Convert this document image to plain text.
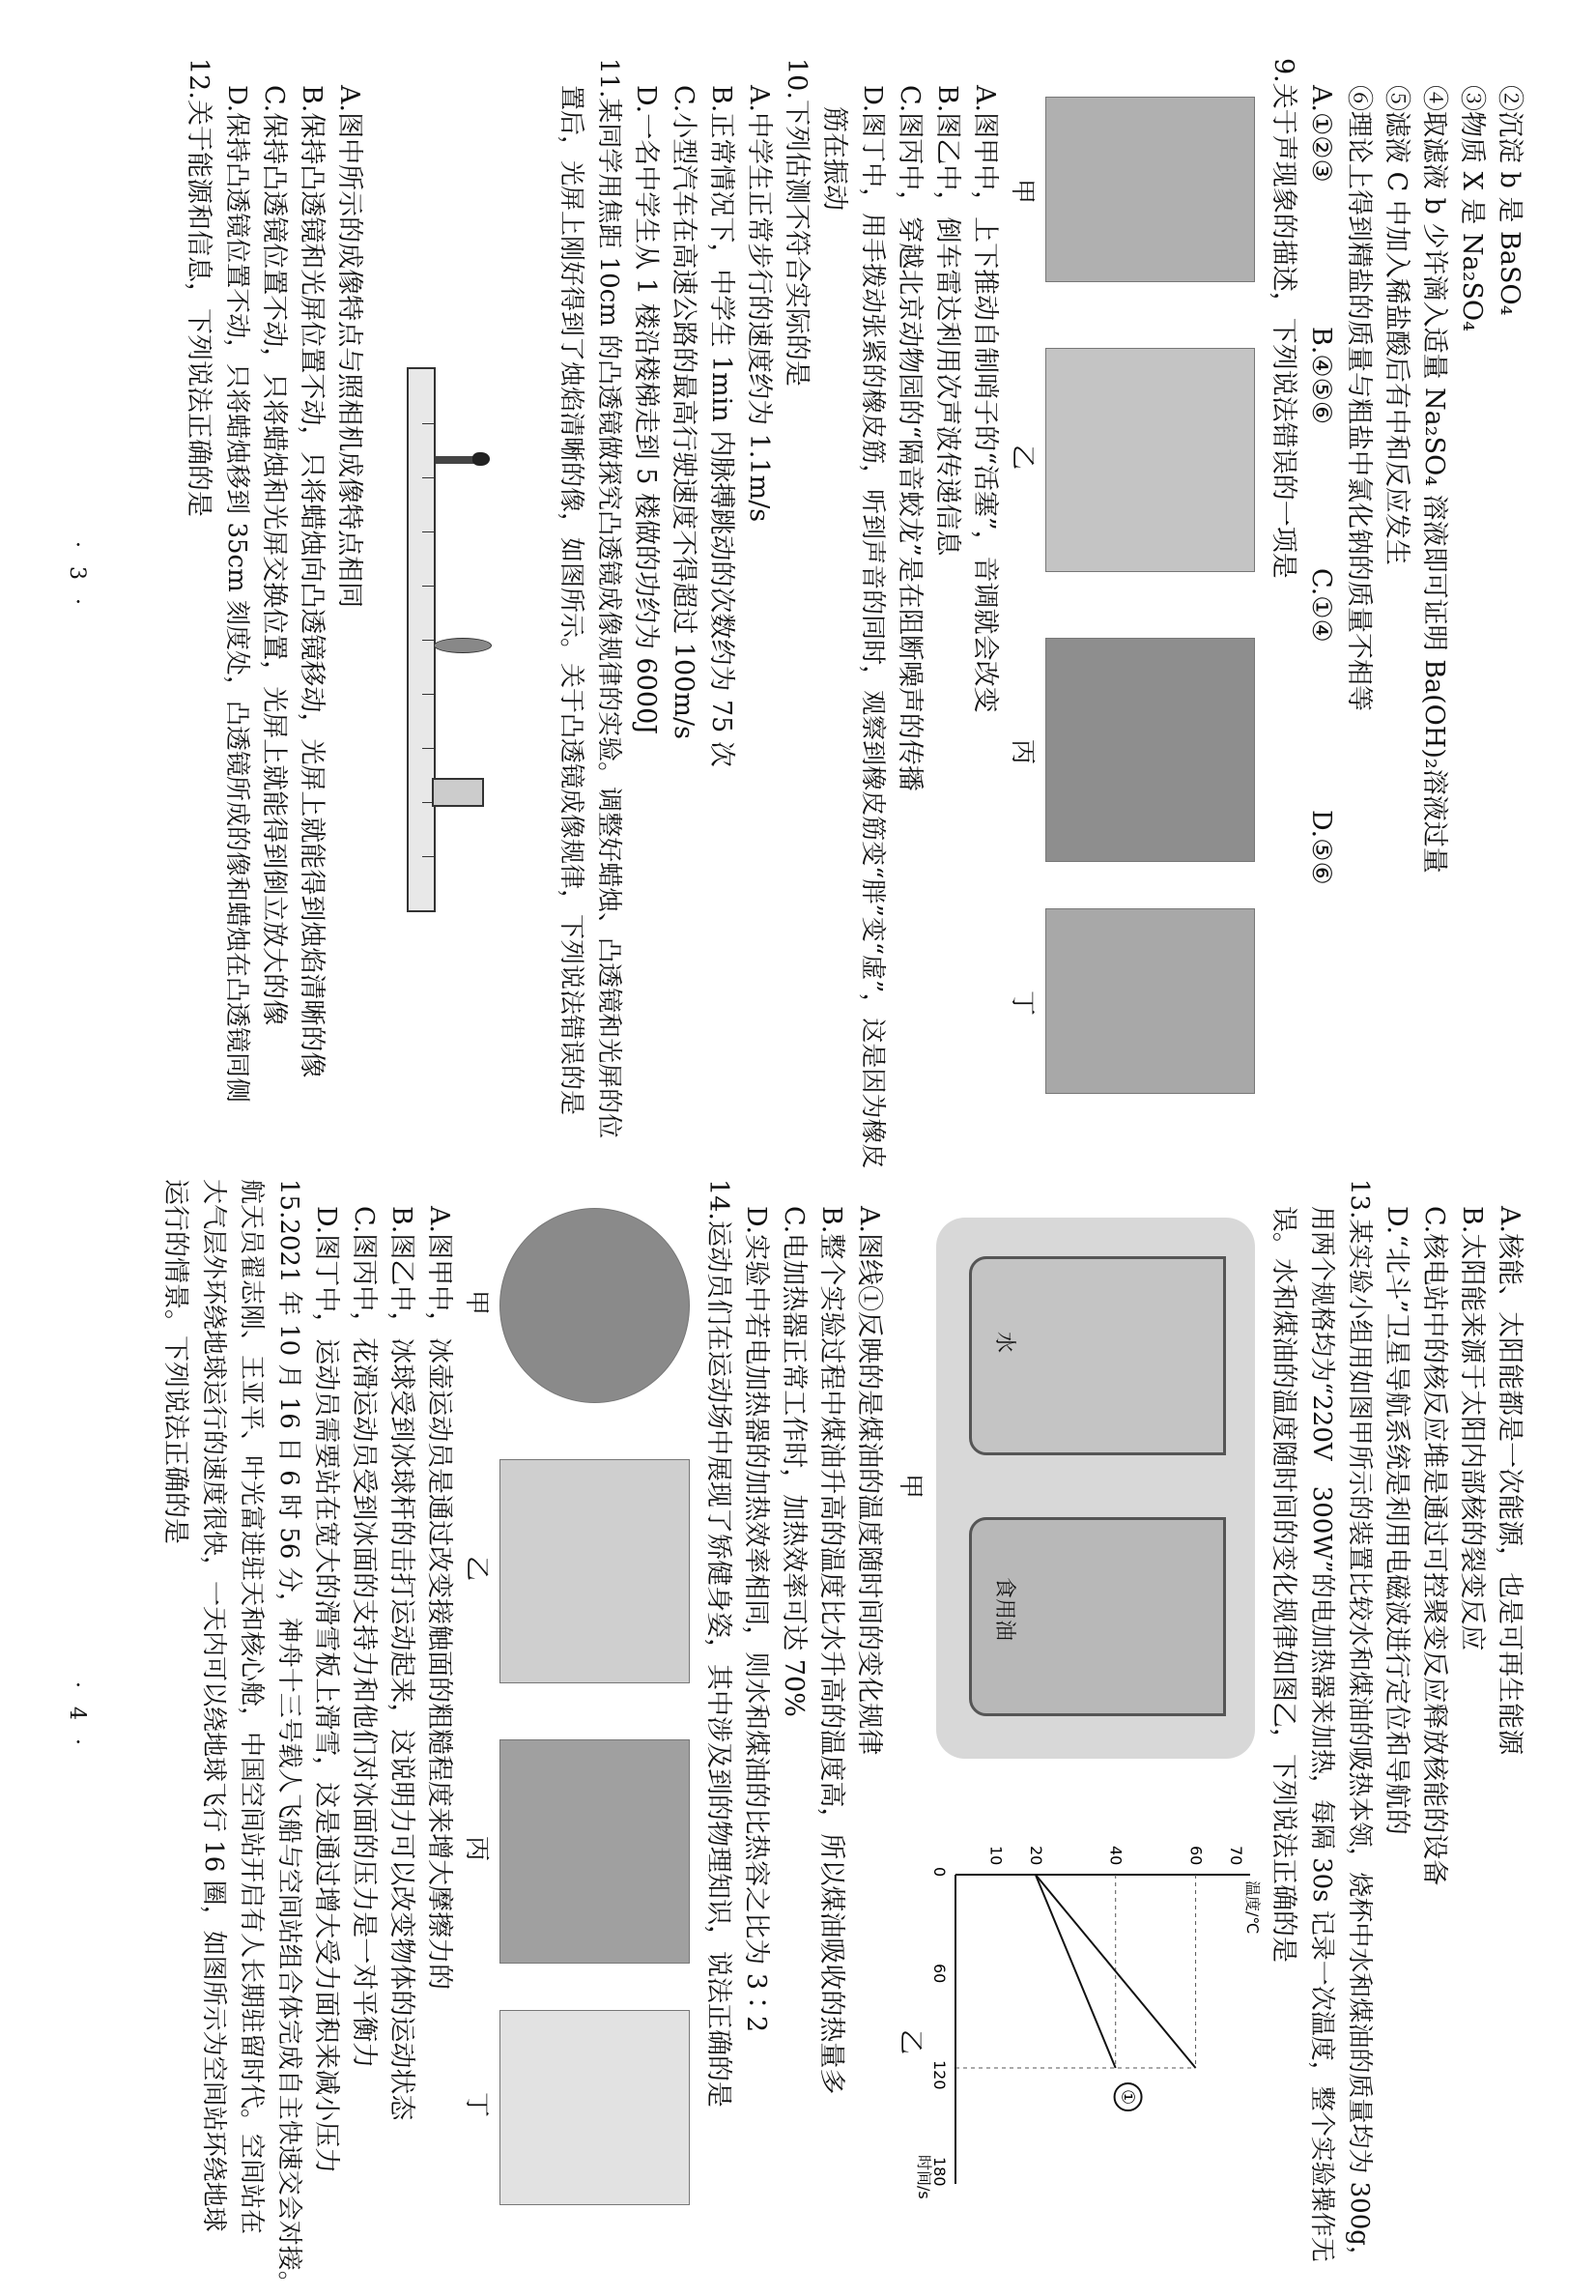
②沉淀 b 是 BaSO₄
③物质 X 是 Na₂SO₄
④取滤液 b 少许滴入适量 Na₂SO₄ 溶液即可证明 Ba(OH)₂溶液过量
⑤滤液 C 中加入稀盐酸后有中和反应发生
⑥理论上得到精盐的质量与粗盐中氯化钠的质量不相等
A.①②③
B.④⑤⑥
C.①④
D.⑤⑥
9.关于声现象的描述，下列说法错误的一项是
甲
乙
丙
丁
A.图甲中，上下推动自制哨子的“活塞”，音调就会改变
B.图乙中，倒车雷达利用次声波传递信息
C.图丙中，穿越北京动物园的“隔音蛟龙”是在阻断噪声的传播
D.图丁中，用手拨动张紧的橡皮筋，听到声音的同时，观察到橡皮筋变“胖”变“虚”，这是因为橡皮
筋在振动
10.下列估测不符合实际的是
A.中学生正常步行的速度约为 1.1m/s
B.正常情况下，中学生 1min 内脉搏跳动的次数约为 75 次
C.小型汽车在高速公路的最高行驶速度不得超过 100m/s
D.一名中学生从 1 楼沿楼梯走到 5 楼做的功约为 6000J
11.某同学用焦距 10cm 的凸透镜做探究凸透镜成像规律的实验。调整好蜡烛、凸透镜和光屏的位
置后，光屏上刚好得到了烛焰清晰的像，如图所示。关于凸透镜成像规律，下列说法错误的是
A.图中所示的成像特点与照相机成像特点相同
B.保持凸透镜和光屏位置不动，只将蜡烛向凸透镜移动，光屏上就能得到烛焰清晰的像
C.保持凸透镜位置不动，只将蜡烛和光屏交换位置，光屏上就能得到倒立放大的像
D.保持凸透镜位置不动，只将蜡烛移到 35cm 刻度处，凸透镜所成的像和蜡烛在凸透镜同侧
12.关于能源和信息，下列说法正确的是
· 3 ·
A.核能、太阳能都是一次能源，也是可再生能源
B.太阳能来源于太阳内部核的裂变反应
C.核电站中的核反应堆是通过可控聚变反应释放核能的设备
D.“北斗”卫星导航系统是利用电磁波进行定位和导航的
13.某实验小组用如图甲所示的装置比较水和煤油的吸热本领，烧杯中水和煤油的质量均为 300g，
用两个规格均为“220V　300W”的电加热器来加热，每隔 30s 记录一次温度，整个实验操作无
误。水和煤油的温度随时间的变化规律如图乙，下列说法正确的是
水
食用油
甲
温度/℃
时间/s
0
60
120
180
10 20	40	60 70
①
乙
A.图线①反映的是煤油的温度随时间的变化规律
B.整个实验过程中煤油升高的温度比水升高的温度高，所以煤油吸收的热量多
C.电加热器正常工作时，加热效率可达 70%
D.实验中若电加热器的加热效率相同，则水和煤油的比热容之比为 3∶2
14.运动员们在运动场中展现了矫健身姿，其中涉及到的物理知识，说法正确的是
甲
乙
丙
丁
A.图甲中，冰壶运动员是通过改变接触面的粗糙程度来增大摩擦力的
B.图乙中，冰球受到冰球杆的击打运动起来，这说明力可以改变物体的运动状态
C.图丙中，花滑运动员受到冰面的支持力和他们对冰面的压力是一对平衡力
D.图丁中，运动员需要站在宽大的滑雪板上滑雪，这是通过增大受力面积来减小压力
15.2021 年 10 月 16 日 6 时 56 分，神舟十三号载人飞船与空间站组合体完成自主快速交会对接。
航天员翟志刚、王亚平、叶光富进驻天和核心舱，中国空间站开启有人长期驻留时代。空间站在
大气层外环绕地球运行的速度很快，一天内可以绕地球飞行 16 圈，如图所示为空间站环绕地球
运行的情景。下列说法正确的是
· 4 ·
